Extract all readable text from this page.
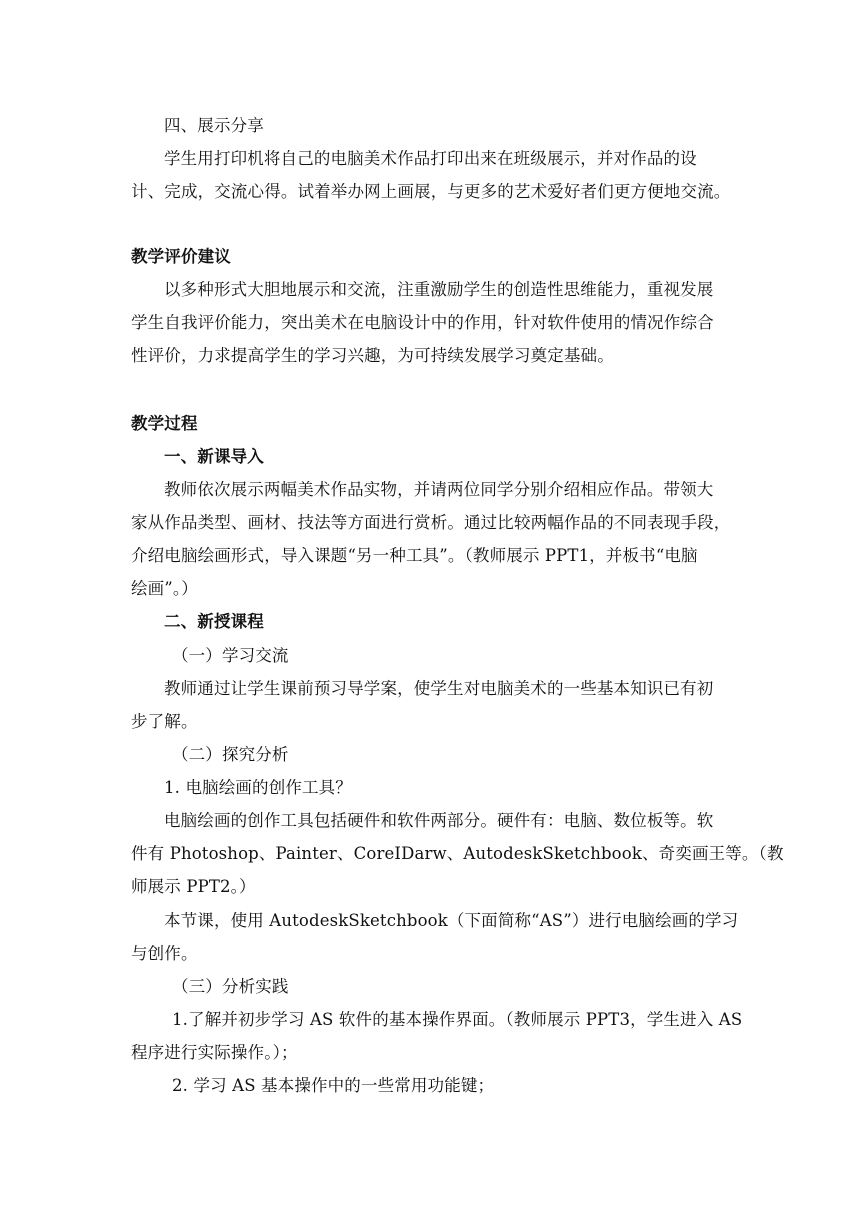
四、展示分享
学生用打印机将自己的电脑美术作品打印出来在班级展示，并对作品的设
计、完成，交流心得。试着举办网上画展，与更多的艺术爱好者们更方便地交流。
教学评价建议
以多种形式大胆地展示和交流，注重激励学生的创造性思维能力，重视发展
学生自我评价能力，突出美术在电脑设计中的作用，针对软件使用的情况作综合
性评价，力求提高学生的学习兴趣，为可持续发展学习奠定基础。
教学过程
一、新课导入
教师依次展示两幅美术作品实物，并请两位同学分别介绍相应作品。带领大
家从作品类型、画材、技法等方面进行赏析。通过比较两幅作品的不同表现手段，
介绍电脑绘画形式，导入课题“另一种工具”。（教师展示 PPT1，并板书“电脑
绘画”。）
二、新授课程
（一）学习交流
教师通过让学生课前预习导学案，使学生对电脑美术的一些基本知识已有初
步了解。
（二）探究分析
1. 电脑绘画的创作工具？
电脑绘画的创作工具包括硬件和软件两部分。硬件有：电脑、数位板等。软
件有 Photoshop、Painter、CoreIDarw、AutodeskSketchbook、奇奕画王等。（教
师展示 PPT2。）
本节课，使用 AutodeskSketchbook（下面简称“AS”）进行电脑绘画的学习
与创作。
（三）分析实践
1.了解并初步学习 AS 软件的基本操作界面。（教师展示 PPT3，学生进入 AS
程序进行实际操作。）；
2. 学习 AS 基本操作中的一些常用功能键；
